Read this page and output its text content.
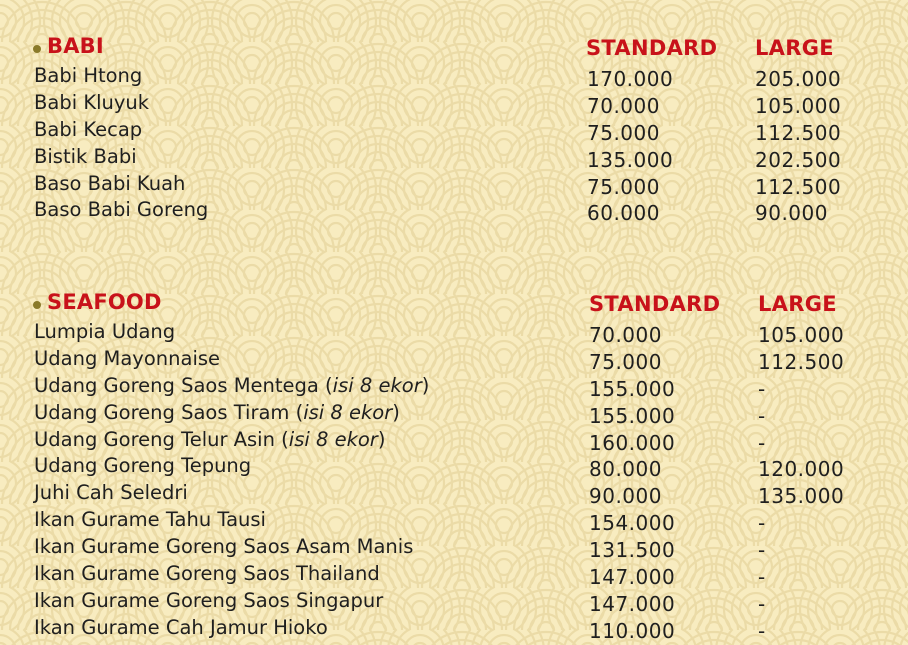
BABI	STANDARD LARGE
Babi Htong	170.000	205.000
Babi Kluyuk	70.000	105.000
Babi Kecap	75.000	112.500
Bistik Babi	135.000	202.500
Baso Babi Kuah	75.000	112.500
Baso Babi Goreng	60.000	90.000
SEAFOOD	STANDARD LARGE
Lumpia Udang	70.000	105.000
Udang Mayonnaise	75.000	112.500
Udang Goreng Saos Mentega (isi 8 ekor)	155.000	-
Udang Goreng Saos Tiram (isi 8 ekor)	155.000	-
Udang Goreng Telur Asin (isi 8 ekor)	160.000	-
Udang Goreng Tepung	80.000	120.000
Juhi Cah Seledri	90.000	135.000
Ikan Gurame Tahu Tausi	154.000	-
Ikan Gurame Goreng Saos Asam Manis	131.500	-
Ikan Gurame Goreng Saos Thailand	147.000	-
Ikan Gurame Goreng Saos Singapur	147.000	-
Ikan Gurame Cah Jamur Hioko	110.000	-
